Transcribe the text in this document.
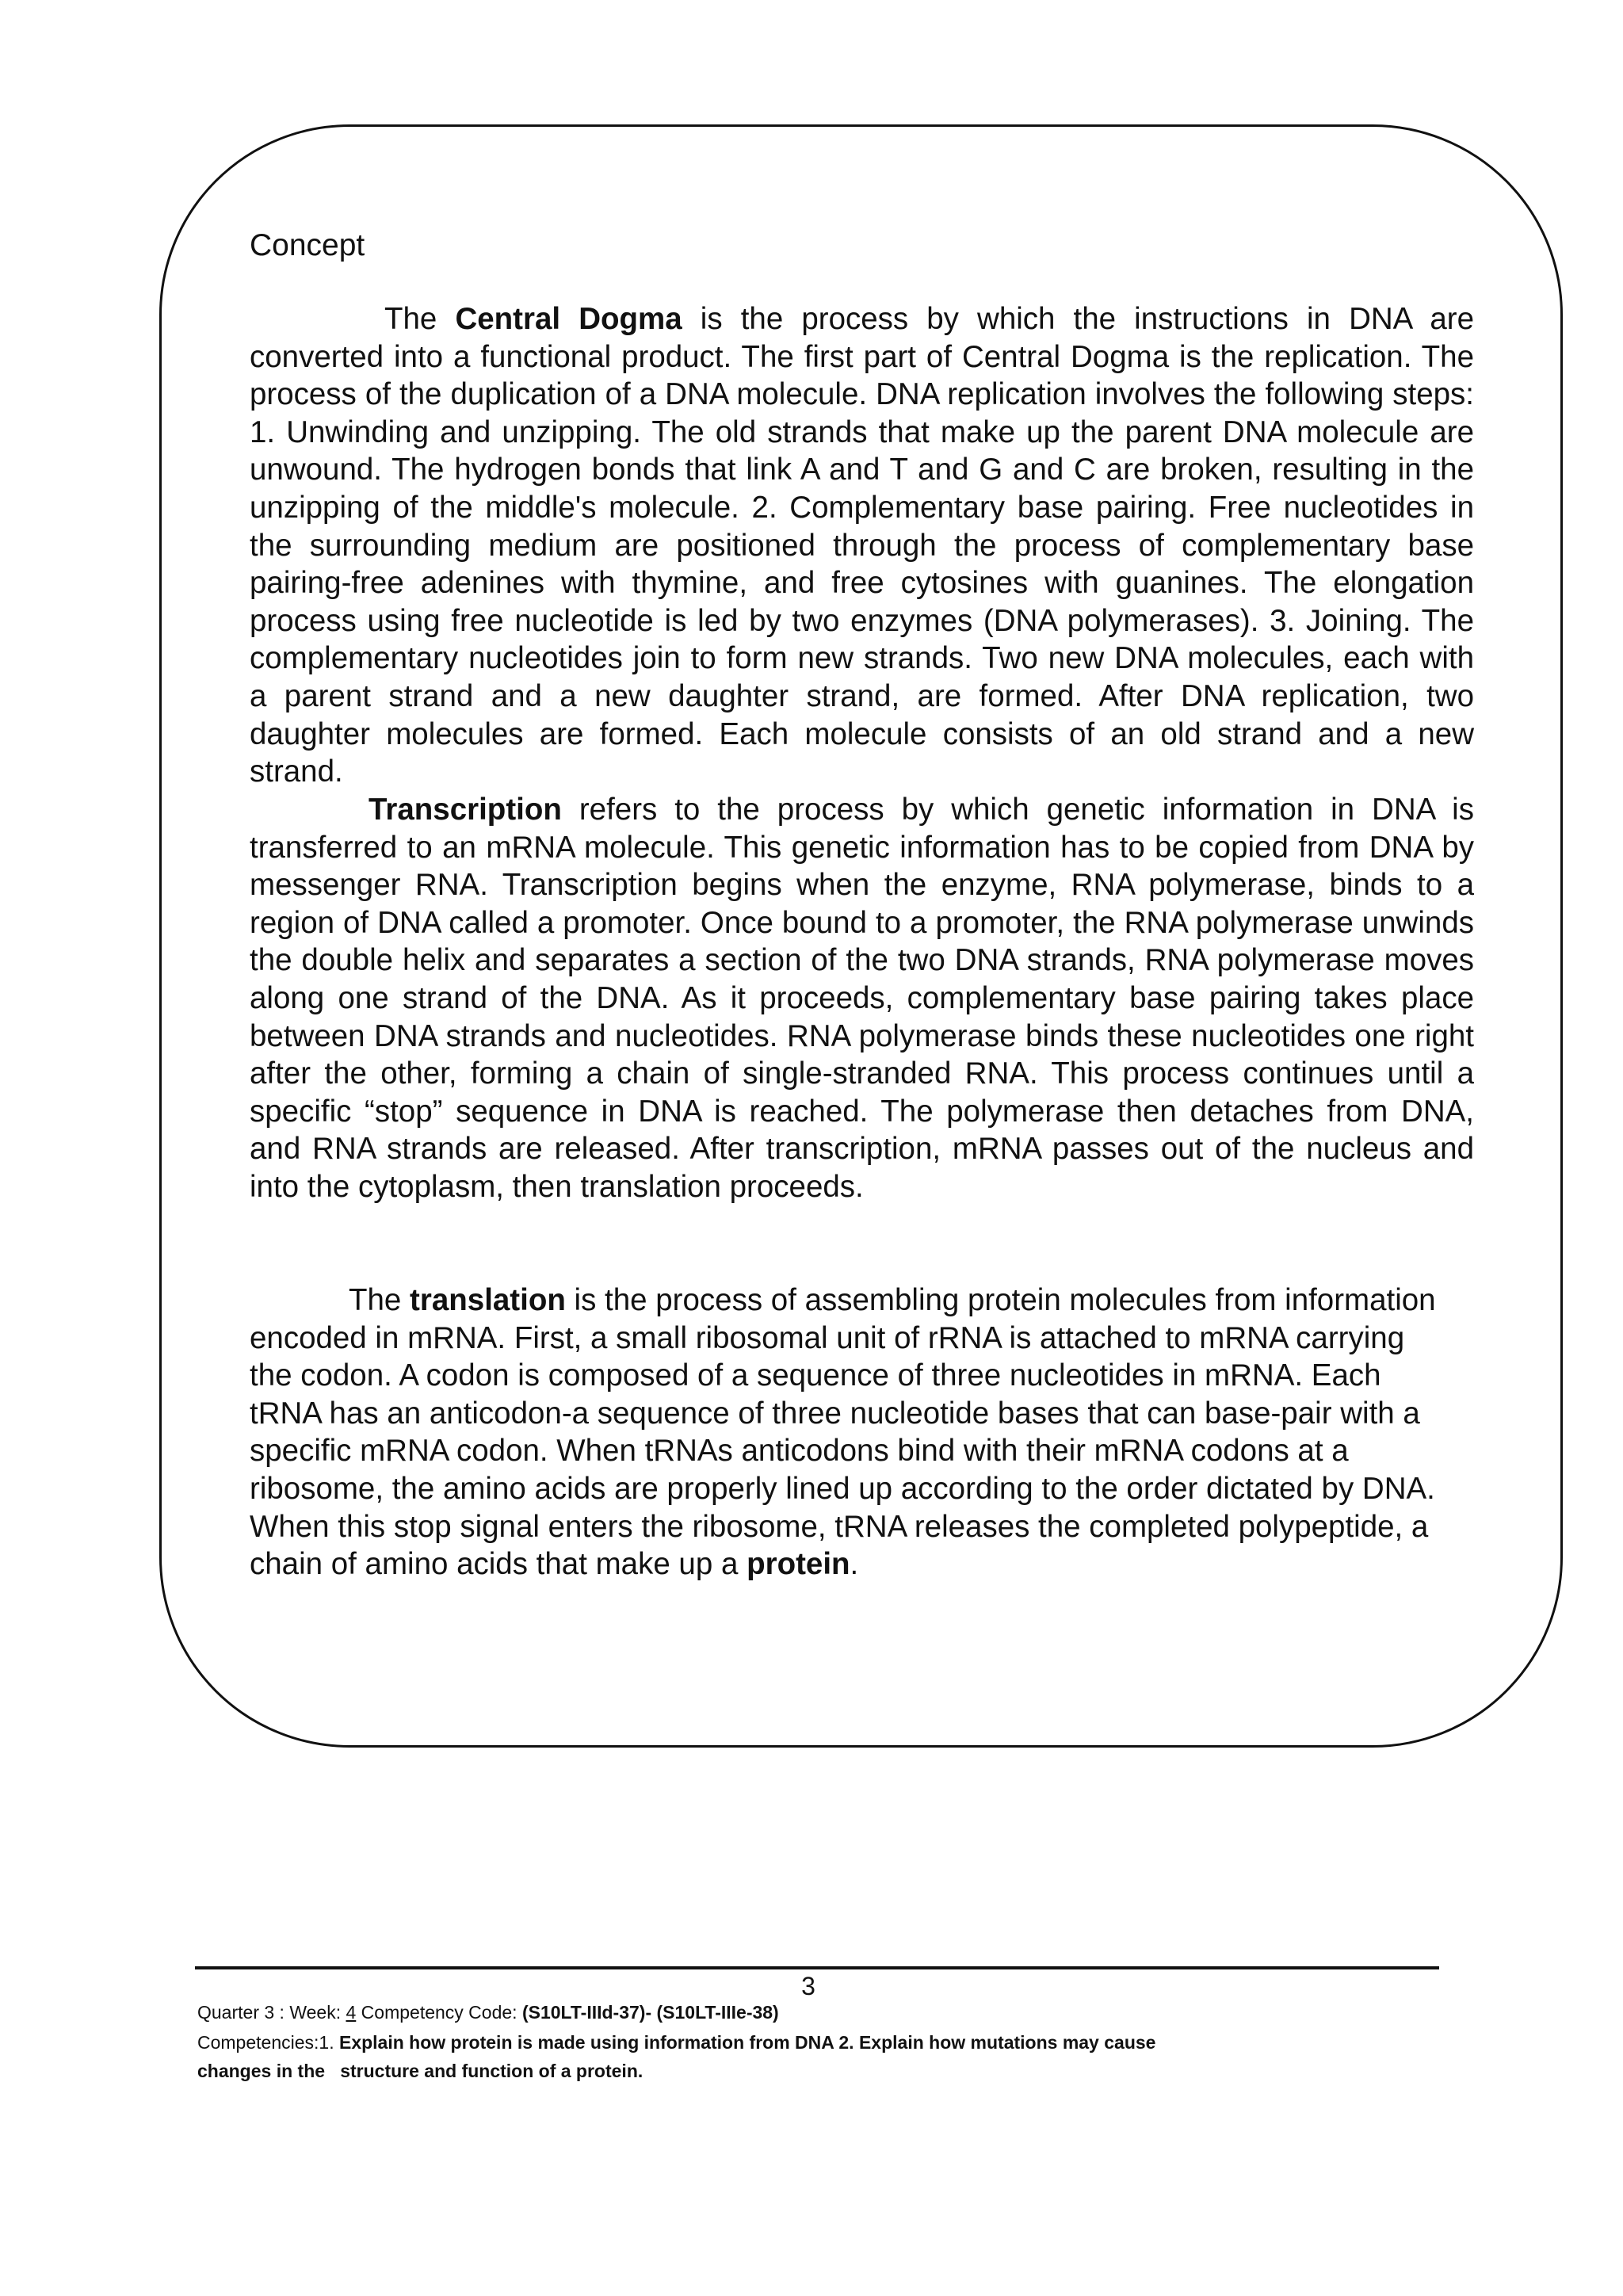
Concept

The Central Dogma is the process by which the instructions in DNA are converted into a functional product. The first part of Central Dogma is the replication. The process of the duplication of a DNA molecule. DNA replication involves the following steps: 1. Unwinding and unzipping. The old strands that make up the parent DNA molecule are unwound. The hydrogen bonds that link A and T and G and C are broken, resulting in the unzipping of the middle's molecule. 2. Complementary base pairing. Free nucleotides in the surrounding medium are positioned through the process of complementary base pairing-free adenines with thymine, and free cytosines with guanines. The elongation process using free nucleotide is led by two enzymes (DNA polymerases). 3. Joining. The complementary nucleotides join to form new strands. Two new DNA molecules, each with a parent strand and a new daughter strand, are formed. After DNA replication, two daughter molecules are formed. Each molecule consists of an old strand and a new strand.

Transcription refers to the process by which genetic information in DNA is transferred to an mRNA molecule. This genetic information has to be copied from DNA by messenger RNA. Transcription begins when the enzyme, RNA polymerase, binds to a region of DNA called a promoter. Once bound to a promoter, the RNA polymerase unwinds the double helix and separates a section of the two DNA strands, RNA polymerase moves along one strand of the DNA. As it proceeds, complementary base pairing takes place between DNA strands and nucleotides. RNA polymerase binds these nucleotides one right after the other, forming a chain of single-stranded RNA. This process continues until a specific “stop” sequence in DNA is reached. The polymerase then detaches from DNA, and RNA strands are released. After transcription, mRNA passes out of the nucleus and into the cytoplasm, then translation proceeds.

The translation is the process of assembling protein molecules from information encoded in mRNA. First, a small ribosomal unit of rRNA is attached to mRNA carrying the codon. A codon is composed of a sequence of three nucleotides in mRNA. Each tRNA has an anticodon-a sequence of three nucleotide bases that can base-pair with a specific mRNA codon. When tRNAs anticodons bind with their mRNA codons at a ribosome, the amino acids are properly lined up according to the order dictated by DNA. When this stop signal enters the ribosome, tRNA releases the completed polypeptide, a chain of amino acids that make up a protein.

3

Quarter 3 : Week: 4 Competency Code: (S10LT-IIId-37)- (S10LT-IIIe-38)

Competencies:1. Explain how protein is made using information from DNA 2. Explain how mutations may cause

changes in the   structure and function of a protein.
